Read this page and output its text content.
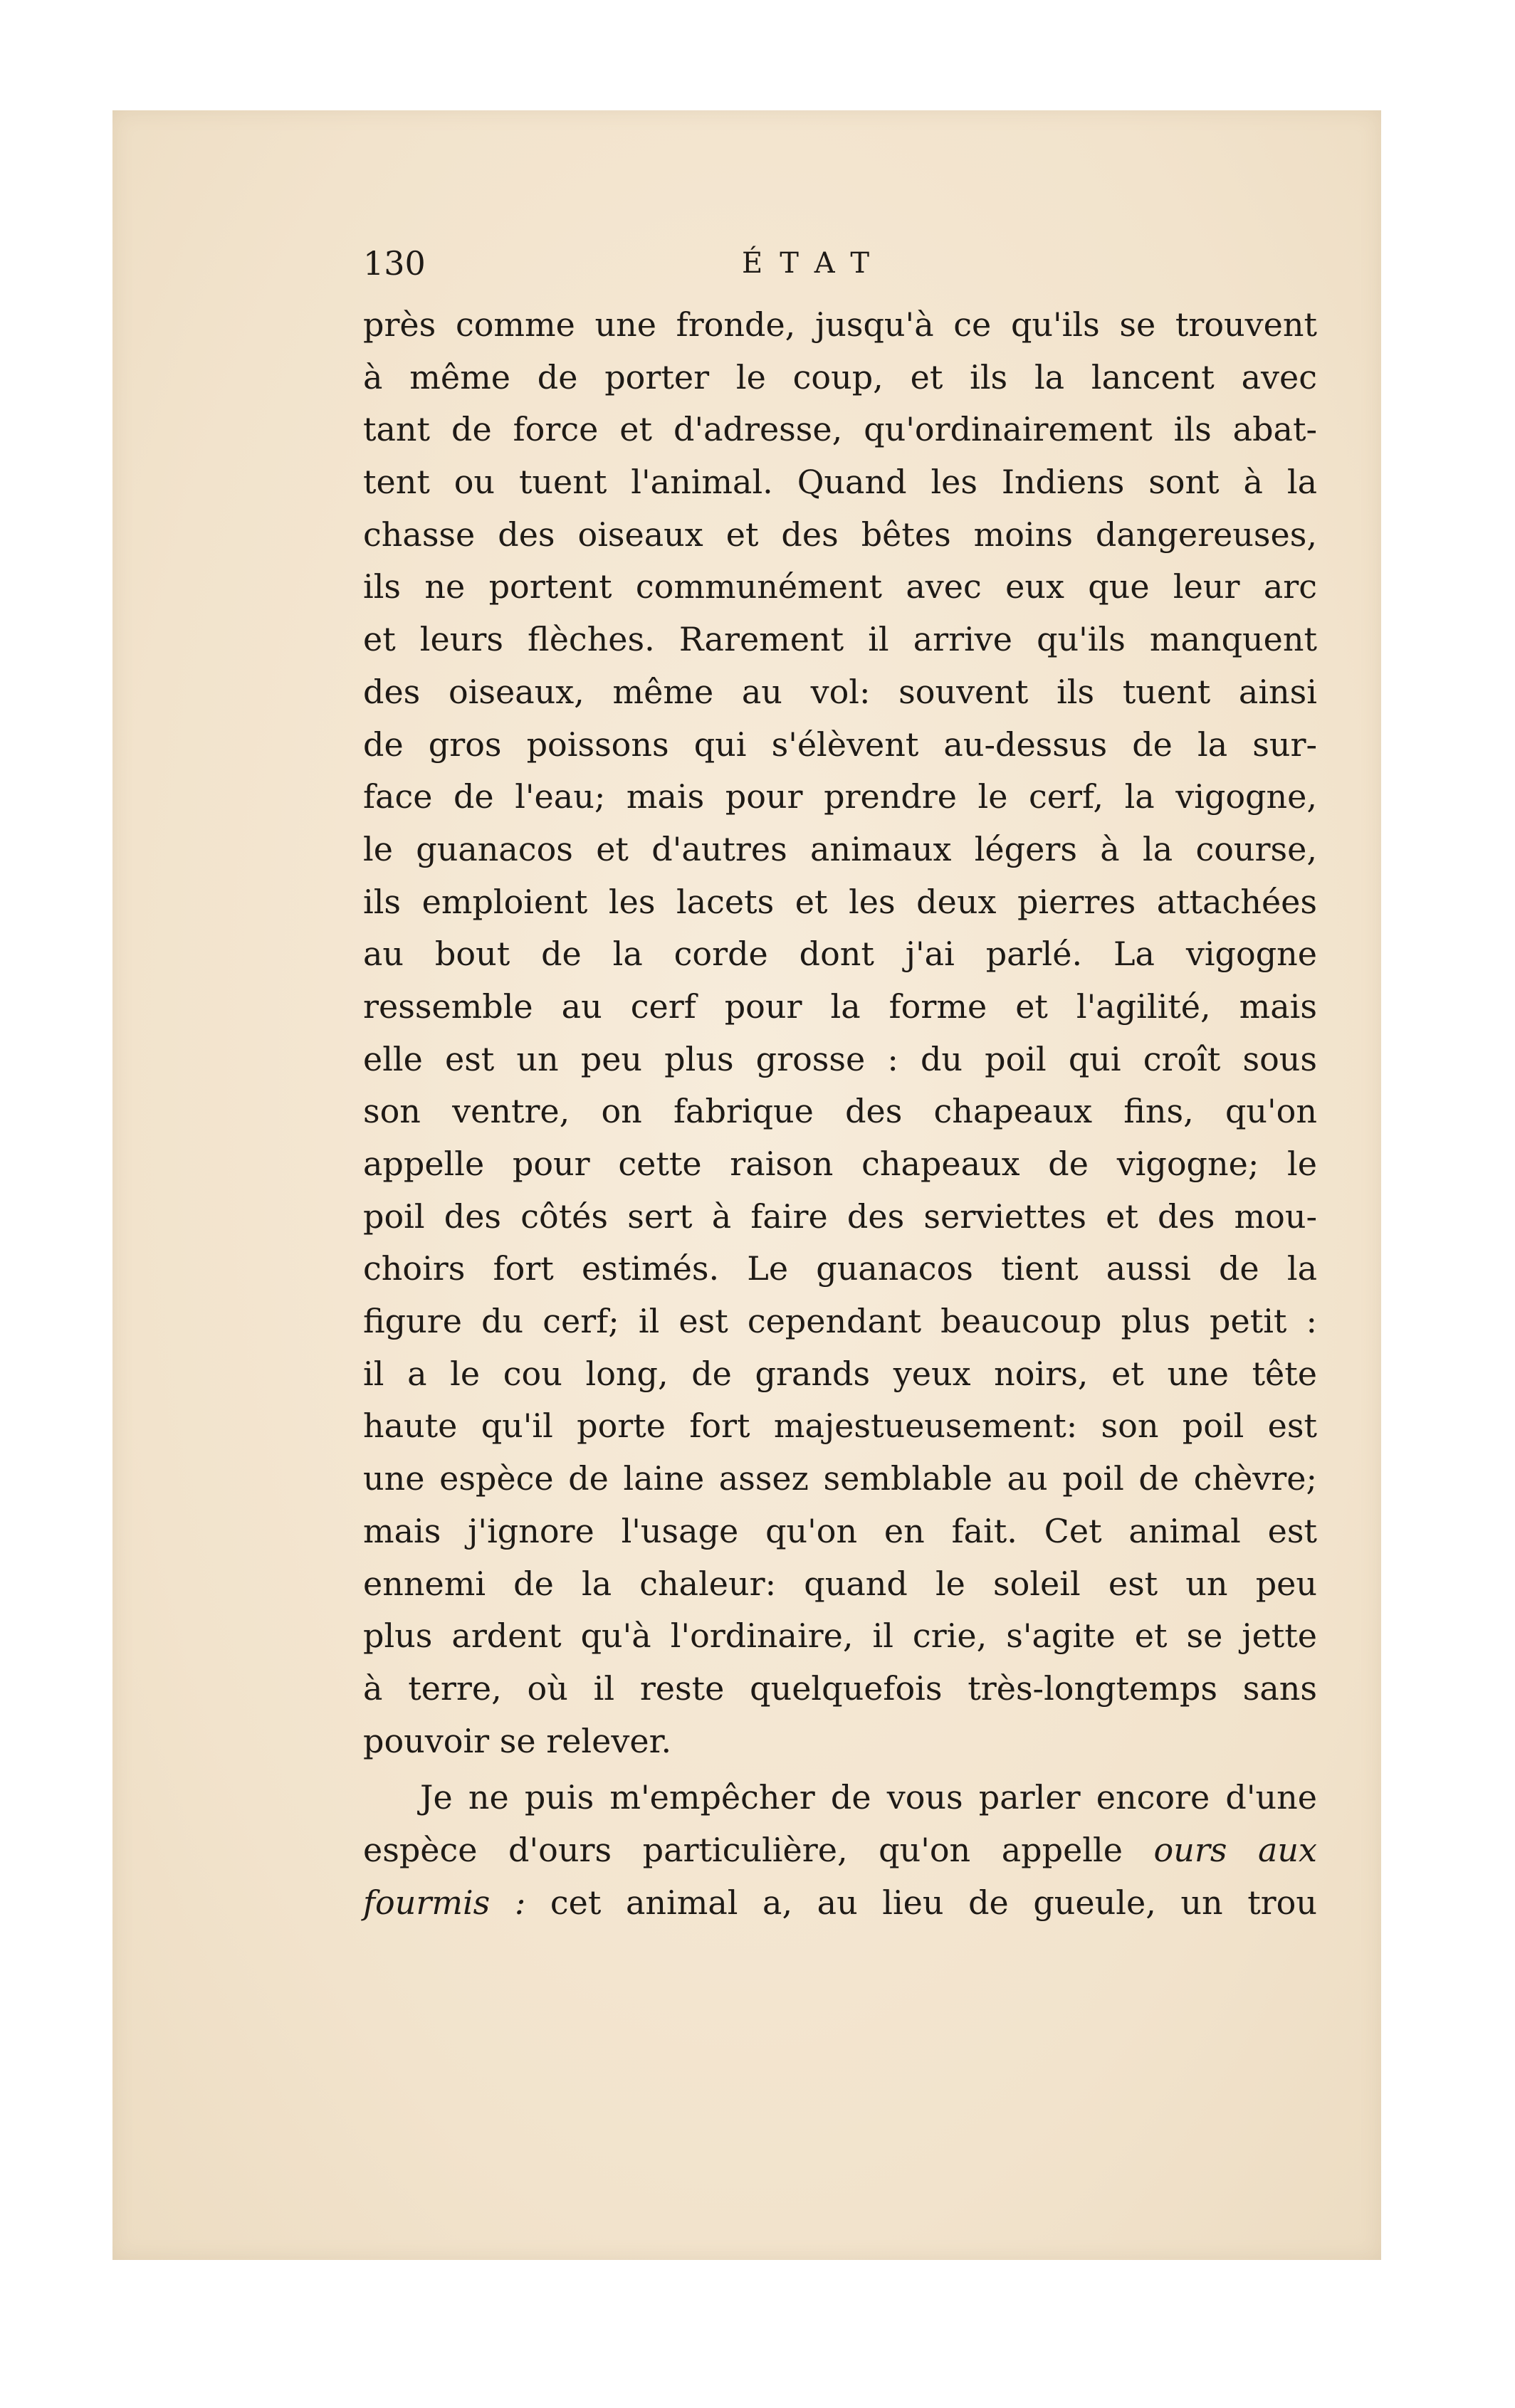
130	ÉTAT
près comme une fronde, jusqu'à ce qu'ils se trouvent
à même de porter le coup, et ils la lancent avec
tant de force et d'adresse, qu'ordinairement ils abat-
tent ou tuent l'animal. Quand les Indiens sont à la
chasse des oiseaux et des bêtes moins dangereuses,
ils ne portent communément avec eux que leur arc
et leurs flèches. Rarement il arrive qu'ils manquent
des oiseaux, même au vol: souvent ils tuent ainsi
de gros poissons qui s'élèvent au-dessus de la sur-
face de l'eau; mais pour prendre le cerf, la vigogne,
le guanacos et d'autres animaux légers à la course,
ils emploient les lacets et les deux pierres attachées
au bout de la corde dont j'ai parlé. La vigogne
ressemble au cerf pour la forme et l'agilité, mais
elle est un peu plus grosse : du poil qui croît sous
son ventre, on fabrique des chapeaux fins, qu'on
appelle pour cette raison chapeaux de vigogne; le
poil des côtés sert à faire des serviettes et des mou-
choirs fort estimés. Le guanacos tient aussi de la
figure du cerf; il est cependant beaucoup plus petit :
il a le cou long, de grands yeux noirs, et une tête
haute qu'il porte fort majestueusement: son poil est
une espèce de laine assez semblable au poil de chèvre;
mais j'ignore l'usage qu'on en fait. Cet animal est
ennemi de la chaleur: quand le soleil est un peu
plus ardent qu'à l'ordinaire, il crie, s'agite et se jette
à terre, où il reste quelquefois très-longtemps sans
pouvoir se relever.
Je ne puis m'empêcher de vous parler encore d'une
espèce d'ours particulière, qu'on appelle ours aux
fourmis : cet animal a, au lieu de gueule, un trou
